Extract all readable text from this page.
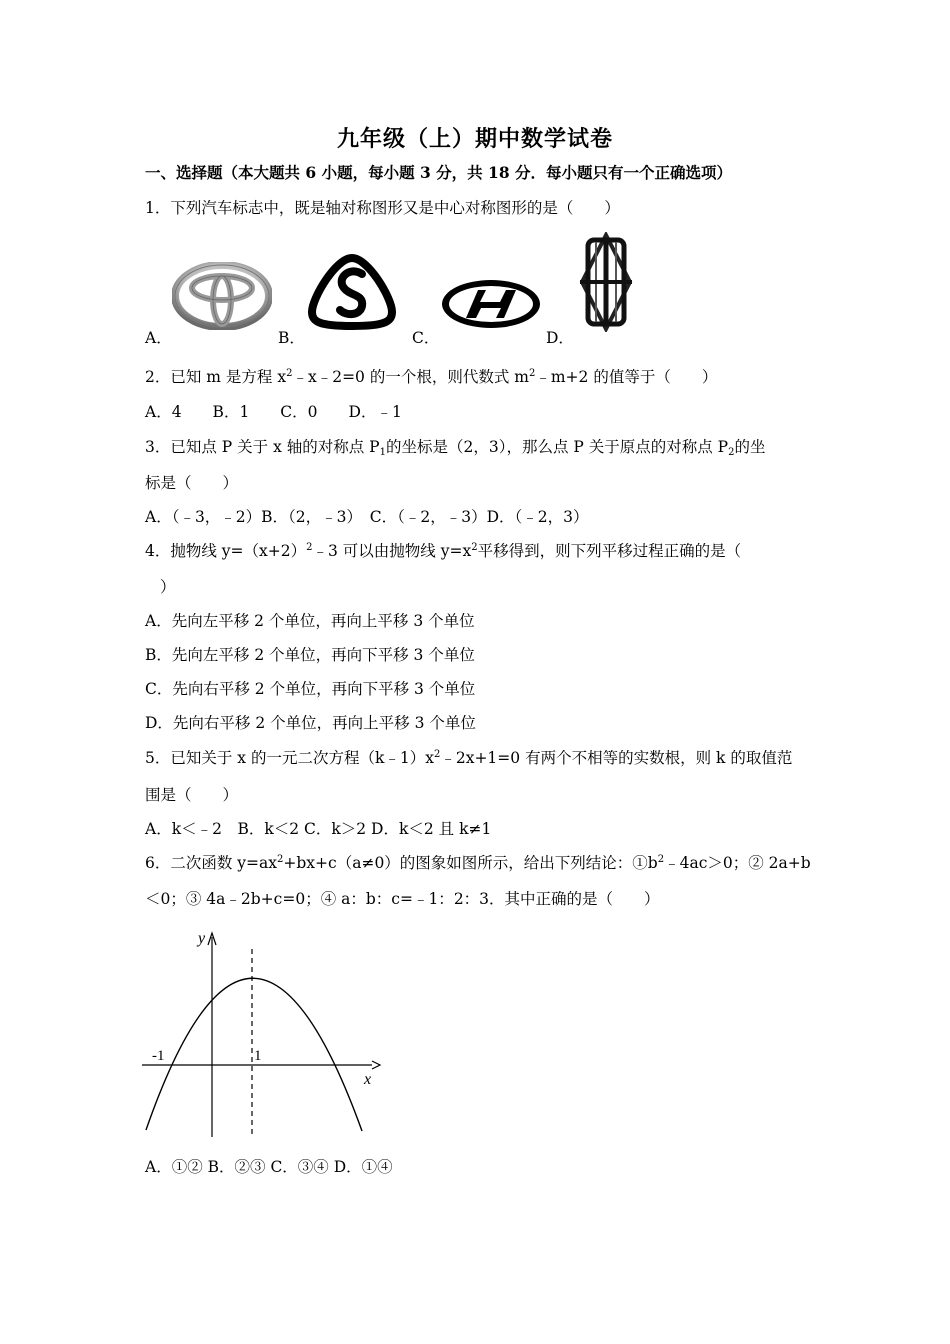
九年级（上）期中数学试卷
一、选择题（本大题共 6 小题，每小题 3 分，共 18 分．每小题只有一个正确选项）
1．下列汽车标志中，既是轴对称图形又是中心对称图形的是（　　）
A．	B．	C．	D．
2．已知 m 是方程 $x^2﹣x﹣2=0$ 的一个根，则代数式 $m^2﹣m+2$ 的值等于（　　）
A．4　　B．1　　C．0　　D．﹣1
3．已知点 P 关于 x 轴的对称点 $P_1$的坐标是（2，3），那么点 P 关于原点的对称点 $P_2$的坐
标是（　　）
A．（﹣3，﹣2）B．（2，﹣3）　C．（﹣2，﹣3）D．（﹣2，3）
4．抛物线 $y=(x+2)^2﹣3$ 可以由抛物线 $y=x^2$平移得到，则下列平移过程正确的是（
）
A．先向左平移 2 个单位，再向上平移 3 个单位
B．先向左平移 2 个单位，再向下平移 3 个单位
C．先向右平移 2 个单位，再向下平移 3 个单位
D．先向右平移 2 个单位，再向上平移 3 个单位
5．已知关于 x 的一元二次方程$(k﹣1)x^2﹣2x+1=0$ 有两个不相等的实数根，则 k 的取值范
围是（　　）
A．k＜﹣2　B．k＜2 C．k＞2 D．k＜2 且 k≠1
6．二次函数 $y=ax^2+bx+c(a\ne 0)$的图象如图所示，给出下列结论：$①b^2﹣4ac>0$；② 2a+b
＜0；③ 4a﹣2b+c=0；④ a：b：c=﹣1：2：3．其中正确的是（　　）
y
x
-1	1
A．①② B．②③ C．③④ D．①④
